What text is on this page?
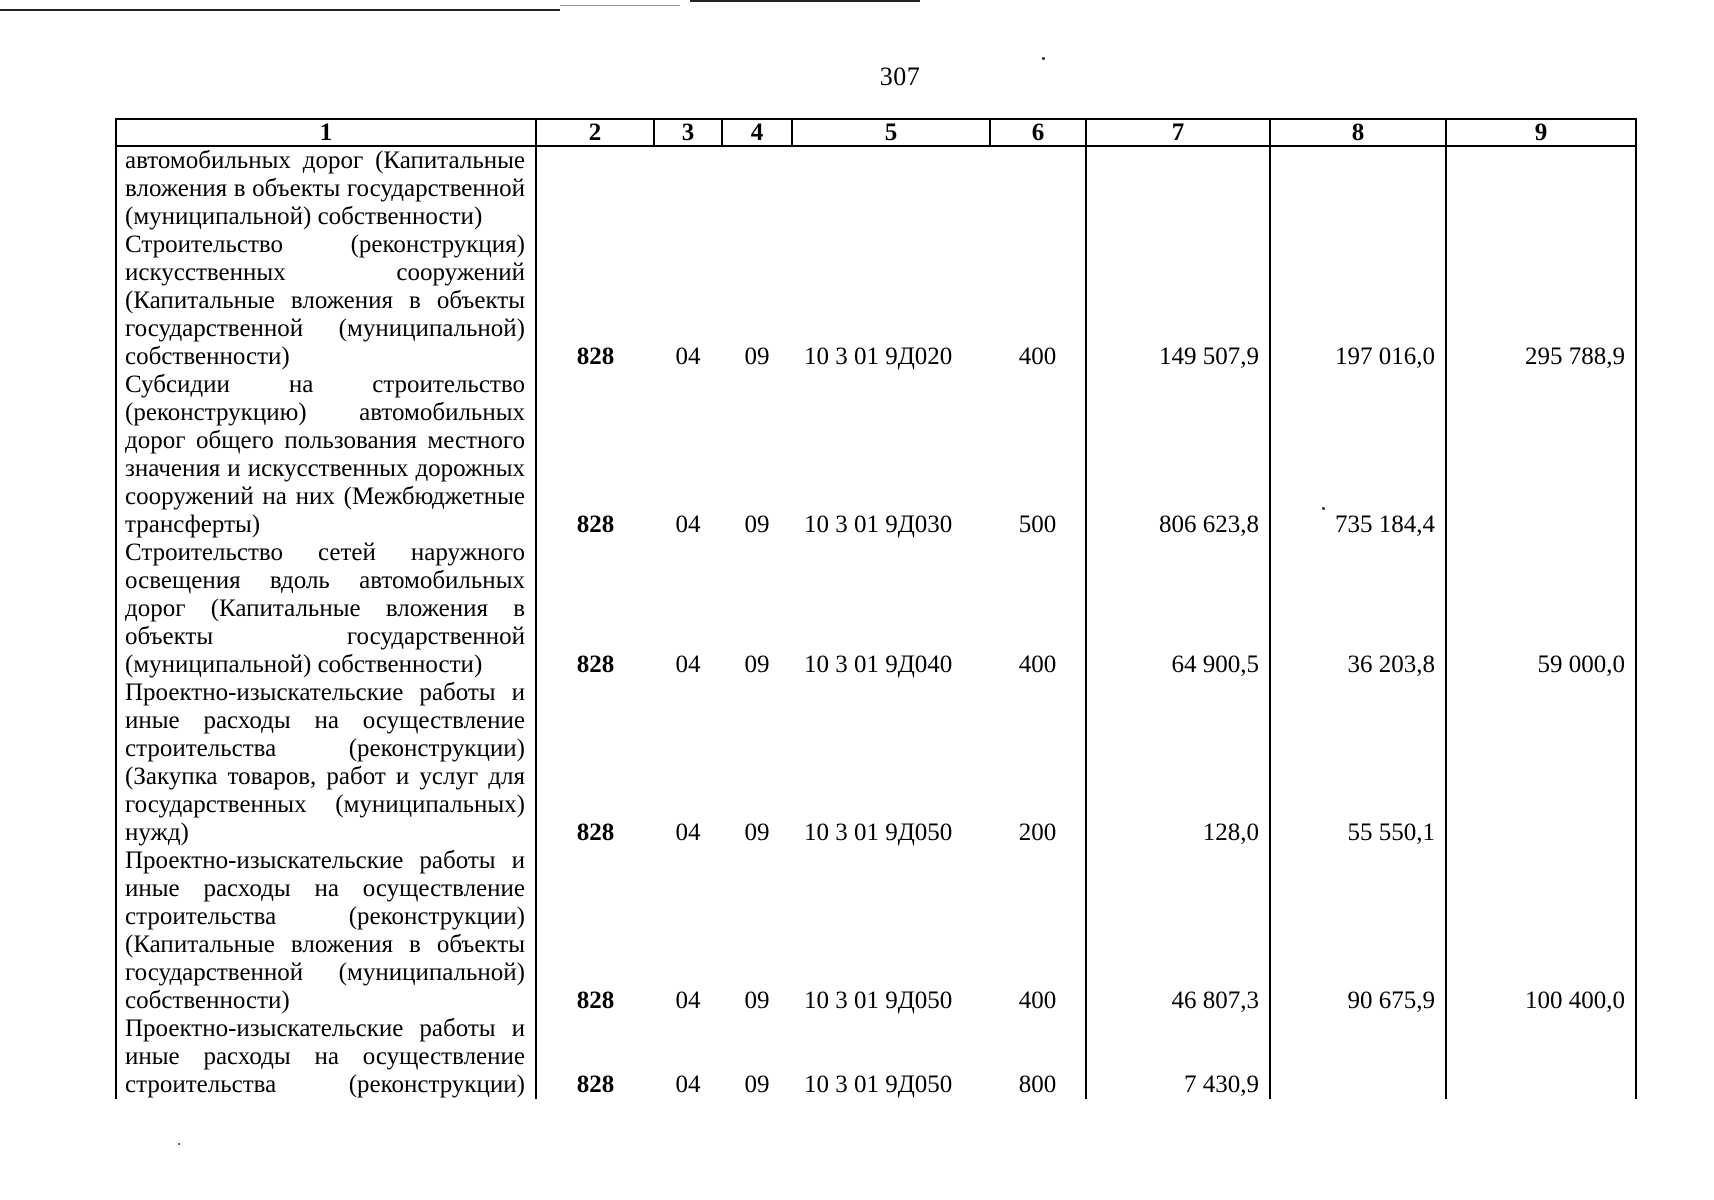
307
1	2	3	4	5	6	7	8	9
автомобильных дорог (Капитальные вложения в объекты государственной (муниципальной) собственности)								
Строительство (реконструкция) искусственных сооружений (Капитальные вложения в объекты государственной (муниципальной) собственности)	828	04	09	10 3 01 9Д020	400	149 507,9	197 016,0	295 788,9
Субсидии на строительство (реконструкцию) автомобильных дорог общего пользования местного значения и искусственных дорожных сооружений на них (Межбюджетные трансферты)	828	04	09	10 3 01 9Д030	500	806 623,8	735 184,4	
Строительство сетей наружного освещения вдоль автомобильных дорог (Капитальные вложения в объекты государственной (муниципальной) собственности)	828	04	09	10 3 01 9Д040	400	64 900,5	36 203,8	59 000,0
Проектно-изыскательские работы и иные расходы на осуществление строительства (реконструкции) (Закупка товаров, работ и услуг для государственных (муниципальных) нужд)	828	04	09	10 3 01 9Д050	200	128,0	55 550,1	
Проектно-изыскательские работы и иные расходы на осуществление строительства (реконструкции) (Капитальные вложения в объекты государственной (муниципальной) собственности)	828	04	09	10 3 01 9Д050	400	46 807,3	90 675,9	100 400,0
Проектно-изыскательские работы и иные расходы на осуществление строительства (реконструкции)	828	04	09	10 3 01 9Д050	800	7 430,9		
